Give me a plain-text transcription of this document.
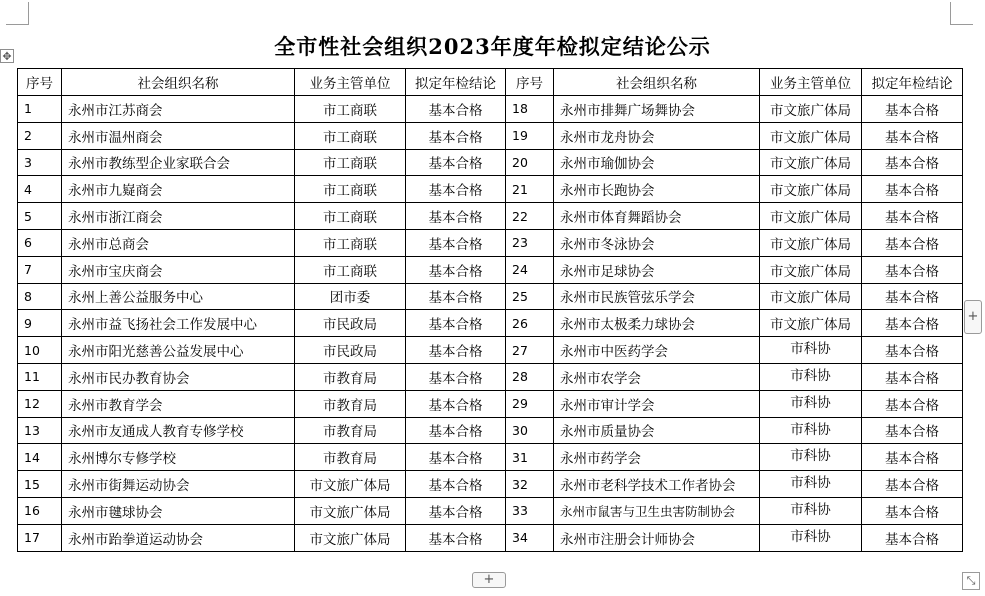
✥	全市性社会组织2023年度年检拟定结论公示
序号	社会组织名称	业务主管单位	拟定年检结论	序号	社会组织名称	业务主管单位	拟定年检结论
1	永州市江苏商会	市工商联	基本合格	18	永州市排舞广场舞协会	市文旅广体局	基本合格
2	永州市温州商会	市工商联	基本合格	19	永州市龙舟协会	市文旅广体局	基本合格
3	永州市教练型企业家联合会	市工商联	基本合格	20	永州市瑜伽协会	市文旅广体局	基本合格
4	永州市九嶷商会	市工商联	基本合格	21	永州市长跑协会	市文旅广体局	基本合格
5	永州市浙江商会	市工商联	基本合格	22	永州市体育舞蹈协会	市文旅广体局	基本合格
6	永州市总商会	市工商联	基本合格	23	永州市冬泳协会	市文旅广体局	基本合格
7	永州市宝庆商会	市工商联	基本合格	24	永州市足球协会	市文旅广体局	基本合格
8	永州上善公益服务中心	团市委	基本合格	25	永州市民族管弦乐学会	市文旅广体局	基本合格
9	永州市益飞扬社会工作发展中心	市民政局	基本合格	26	永州市太极柔力球协会	市文旅广体局	基本合格
10	永州市阳光慈善公益发展中心	市民政局	基本合格	27	永州市中医药学会	市科协	基本合格
11	永州市民办教育协会	市教育局	基本合格	28	永州市农学会	市科协	基本合格
12	永州市教育学会	市教育局	基本合格	29	永州市审计学会	市科协	基本合格
13	永州市友通成人教育专修学校	市教育局	基本合格	30	永州市质量协会	市科协	基本合格
14	永州博尔专修学校	市教育局	基本合格	31	永州市药学会	市科协	基本合格
15	永州市街舞运动协会	市文旅广体局	基本合格	32	永州市老科学技术工作者协会	市科协	基本合格
16	永州市毽球协会	市文旅广体局	基本合格	33	永州市鼠害与卫生虫害防制协会	市科协	基本合格
17	永州市跆拳道运动协会	市文旅广体局	基本合格	34	永州市注册会计师协会	市科协	基本合格
+
+	⤡
